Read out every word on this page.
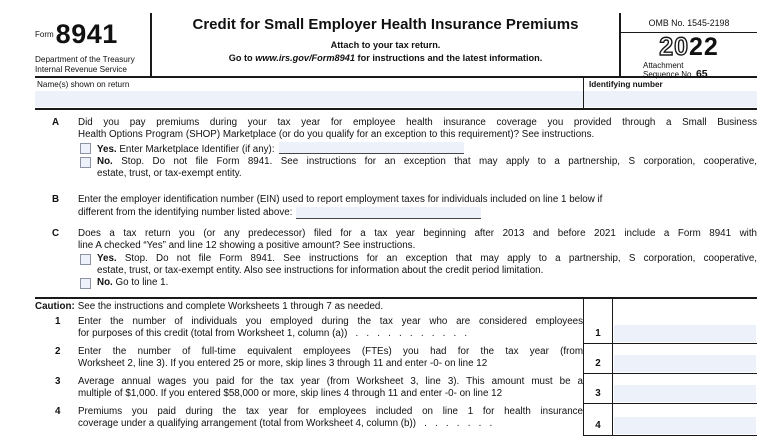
$^{Form}$8941
Department of the Treasury
Internal Revenue Service
Credit for Small Employer Health Insurance Premiums
Attach to your tax return.
Go to www.irs.gov/Form8941 for instructions and the latest information.
OMB No. 1545-2198
2022
Attachment
Sequence No. 65
Name(s) shown on return	Identifying number
A	Did you pay premiums during your tax year for employee health insurance coverage you provided through a Small Business
Health Options Program (SHOP) Marketplace (or do you qualify for an exception to this requirement)? See instructions.
Yes. Enter Marketplace Identifier (if any):
No. Stop. Do not file Form 8941. See instructions for an exception that may apply to a partnership, S corporation, cooperative,
estate, trust, or tax-exempt entity.
B	Enter the employer identification number (EIN) used to report employment taxes for individuals included on line 1 below if
different from the identifying number listed above:
C	Does a tax return you (or any predecessor) filed for a tax year beginning after 2013 and before 2021 include a Form 8941 with
line A checked “Yes” and line 12 showing a positive amount? See instructions.
Yes. Stop. Do not file Form 8941. See instructions for an exception that may apply to a partnership, S corporation, cooperative,
estate, trust, or tax-exempt entity. Also see instructions for information about the credit period limitation.
No. Go to line 1.
Caution: See the instructions and complete Worksheets 1 through 7 as needed.
1	Enter the number of individuals you employed during the tax year who are considered employees
for purposes of this credit (total from Worksheet 1, column (a))   .   .   .   .   .   .   .   .   .   .   .	1
2	Enter the number of full-time equivalent employees (FTEs) you had for the tax year (from
Worksheet 2, line 3). If you entered 25 or more, skip lines 3 through 11 and enter -0- on line 12	2
3	Average annual wages you paid for the tax year (from Worksheet 3, line 3). This amount must be a
multiple of $1,000. If you entered $58,000 or more, skip lines 4 through 11 and enter -0- on line 12	3
4	Premiums you paid during the tax year for employees included on line 1 for health insurance
coverage under a qualifying arrangement (total from Worksheet 4, column (b))   .   .   .   .   .   .   .	4
